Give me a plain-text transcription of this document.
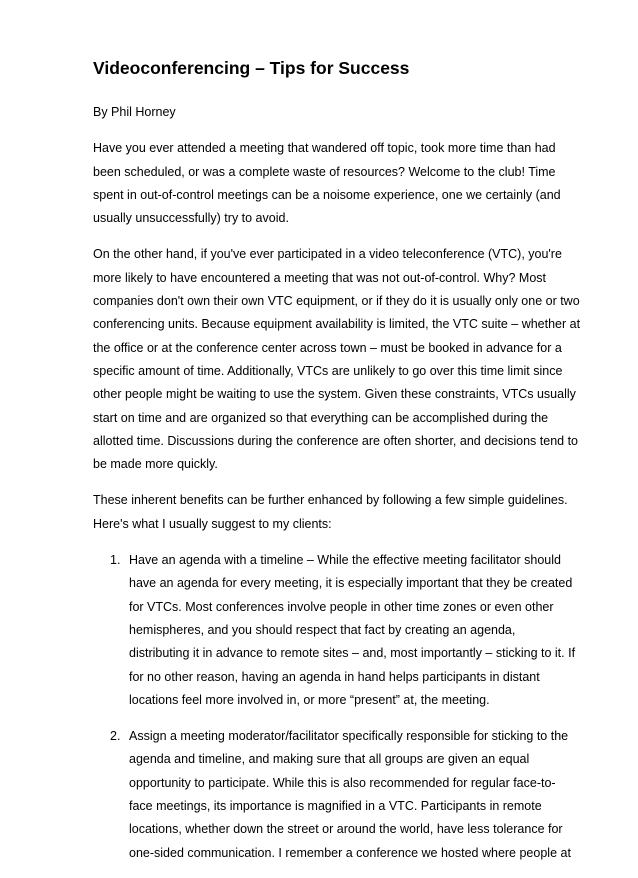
Videoconferencing – Tips for Success

By Phil Horney

Have you ever attended a meeting that wandered off topic, took more time than had
been scheduled, or was a complete waste of resources? Welcome to the club! Time
spent in out-of-control meetings can be a noisome experience, one we certainly (and
usually unsuccessfully) try to avoid.

On the other hand, if you've ever participated in a video teleconference (VTC), you're
more likely to have encountered a meeting that was not out-of-control. Why? Most
companies don't own their own VTC equipment, or if they do it is usually only one or two
conferencing units. Because equipment availability is limited, the VTC suite – whether at
the office or at the conference center across town – must be booked in advance for a
specific amount of time. Additionally, VTCs are unlikely to go over this time limit since
other people might be waiting to use the system. Given these constraints, VTCs usually
start on time and are organized so that everything can be accomplished during the
allotted time. Discussions during the conference are often shorter, and decisions tend to
be made more quickly.

These inherent benefits can be further enhanced by following a few simple guidelines.
Here's what I usually suggest to my clients:

1. Have an agenda with a timeline – While the effective meeting facilitator should
have an agenda for every meeting, it is especially important that they be created
for VTCs. Most conferences involve people in other time zones or even other
hemispheres, and you should respect that fact by creating an agenda,
distributing it in advance to remote sites – and, most importantly – sticking to it. If
for no other reason, having an agenda in hand helps participants in distant
locations feel more involved in, or more “present” at, the meeting.
2. Assign a meeting moderator/facilitator specifically responsible for sticking to the
agenda and timeline, and making sure that all groups are given an equal
opportunity to participate. While this is also recommended for regular face-to-
face meetings, its importance is magnified in a VTC. Participants in remote
locations, whether down the street or around the world, have less tolerance for
one-sided communication. I remember a conference we hosted where people at
